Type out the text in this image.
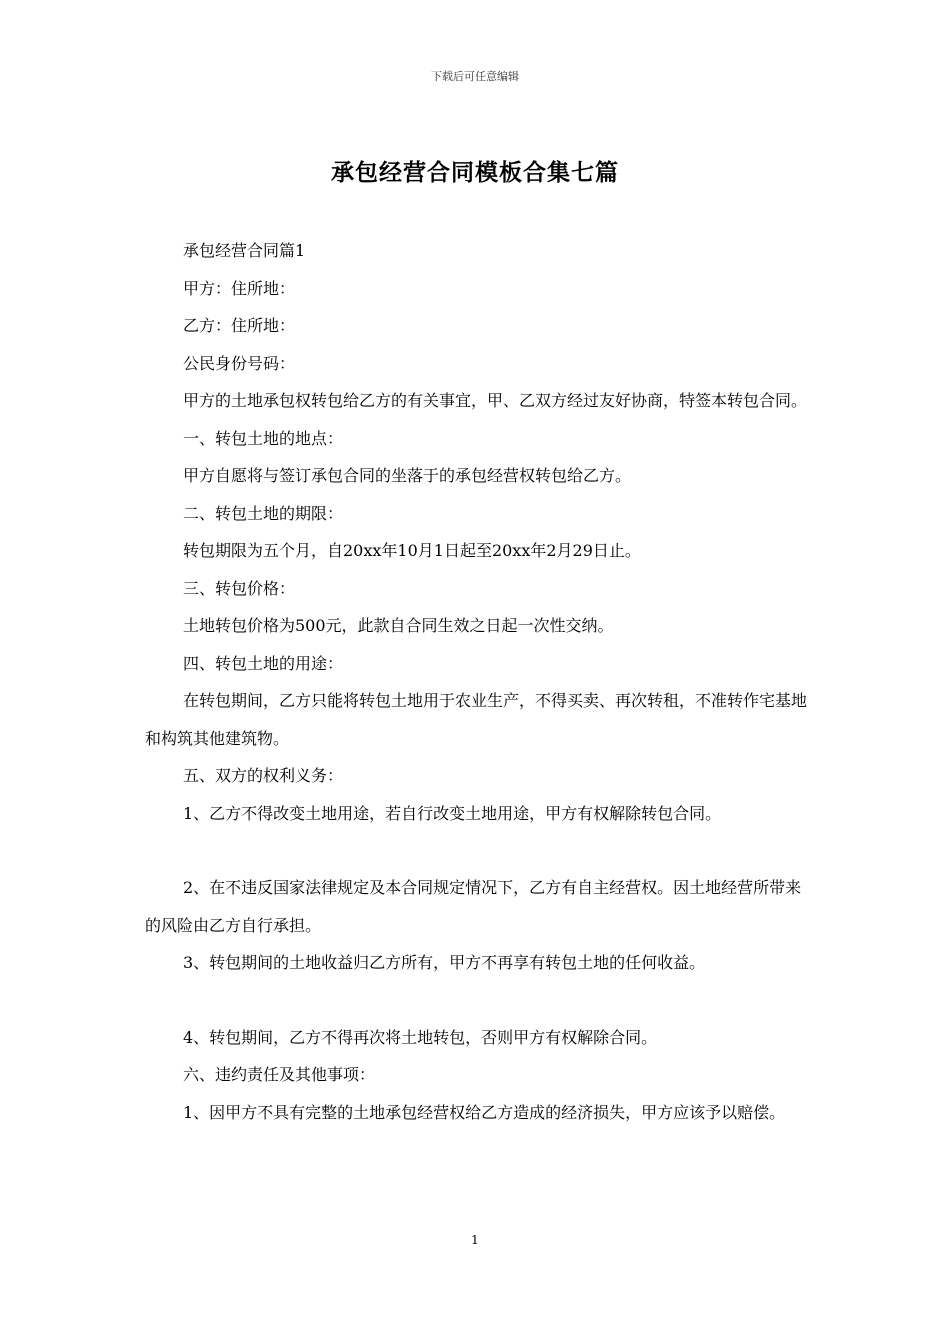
下载后可任意编辑
承包经营合同模板合集七篇

承包经营合同篇1

甲方：住所地：

乙方：住所地：

公民身份号码：

甲方的土地承包权转包给乙方的有关事宜，甲、乙双方经过友好协商，特签本转包合同。

一、转包土地的地点：

甲方自愿将与签订承包合同的坐落于的承包经营权转包给乙方。

二、转包土地的期限：

转包期限为五个月，自20xx年10月1日起至20xx年2月29日止。

三、转包价格：

土地转包价格为500元，此款自合同生效之日起一次性交纳。

四、转包土地的用途：

在转包期间，乙方只能将转包土地用于农业生产，不得买卖、再次转租，不准转作宅基地和构筑其他建筑物。

五、双方的权利义务：

1、乙方不得改变土地用途，若自行改变土地用途，甲方有权解除转包合同。

2、在不违反国家法律规定及本合同规定情况下，乙方有自主经营权。因土地经营所带来的风险由乙方自行承担。

3、转包期间的土地收益归乙方所有，甲方不再享有转包土地的任何收益。

4、转包期间，乙方不得再次将土地转包，否则甲方有权解除合同。

六、违约责任及其他事项：

1、因甲方不具有完整的土地承包经营权给乙方造成的经济损失，甲方应该予以赔偿。

1
